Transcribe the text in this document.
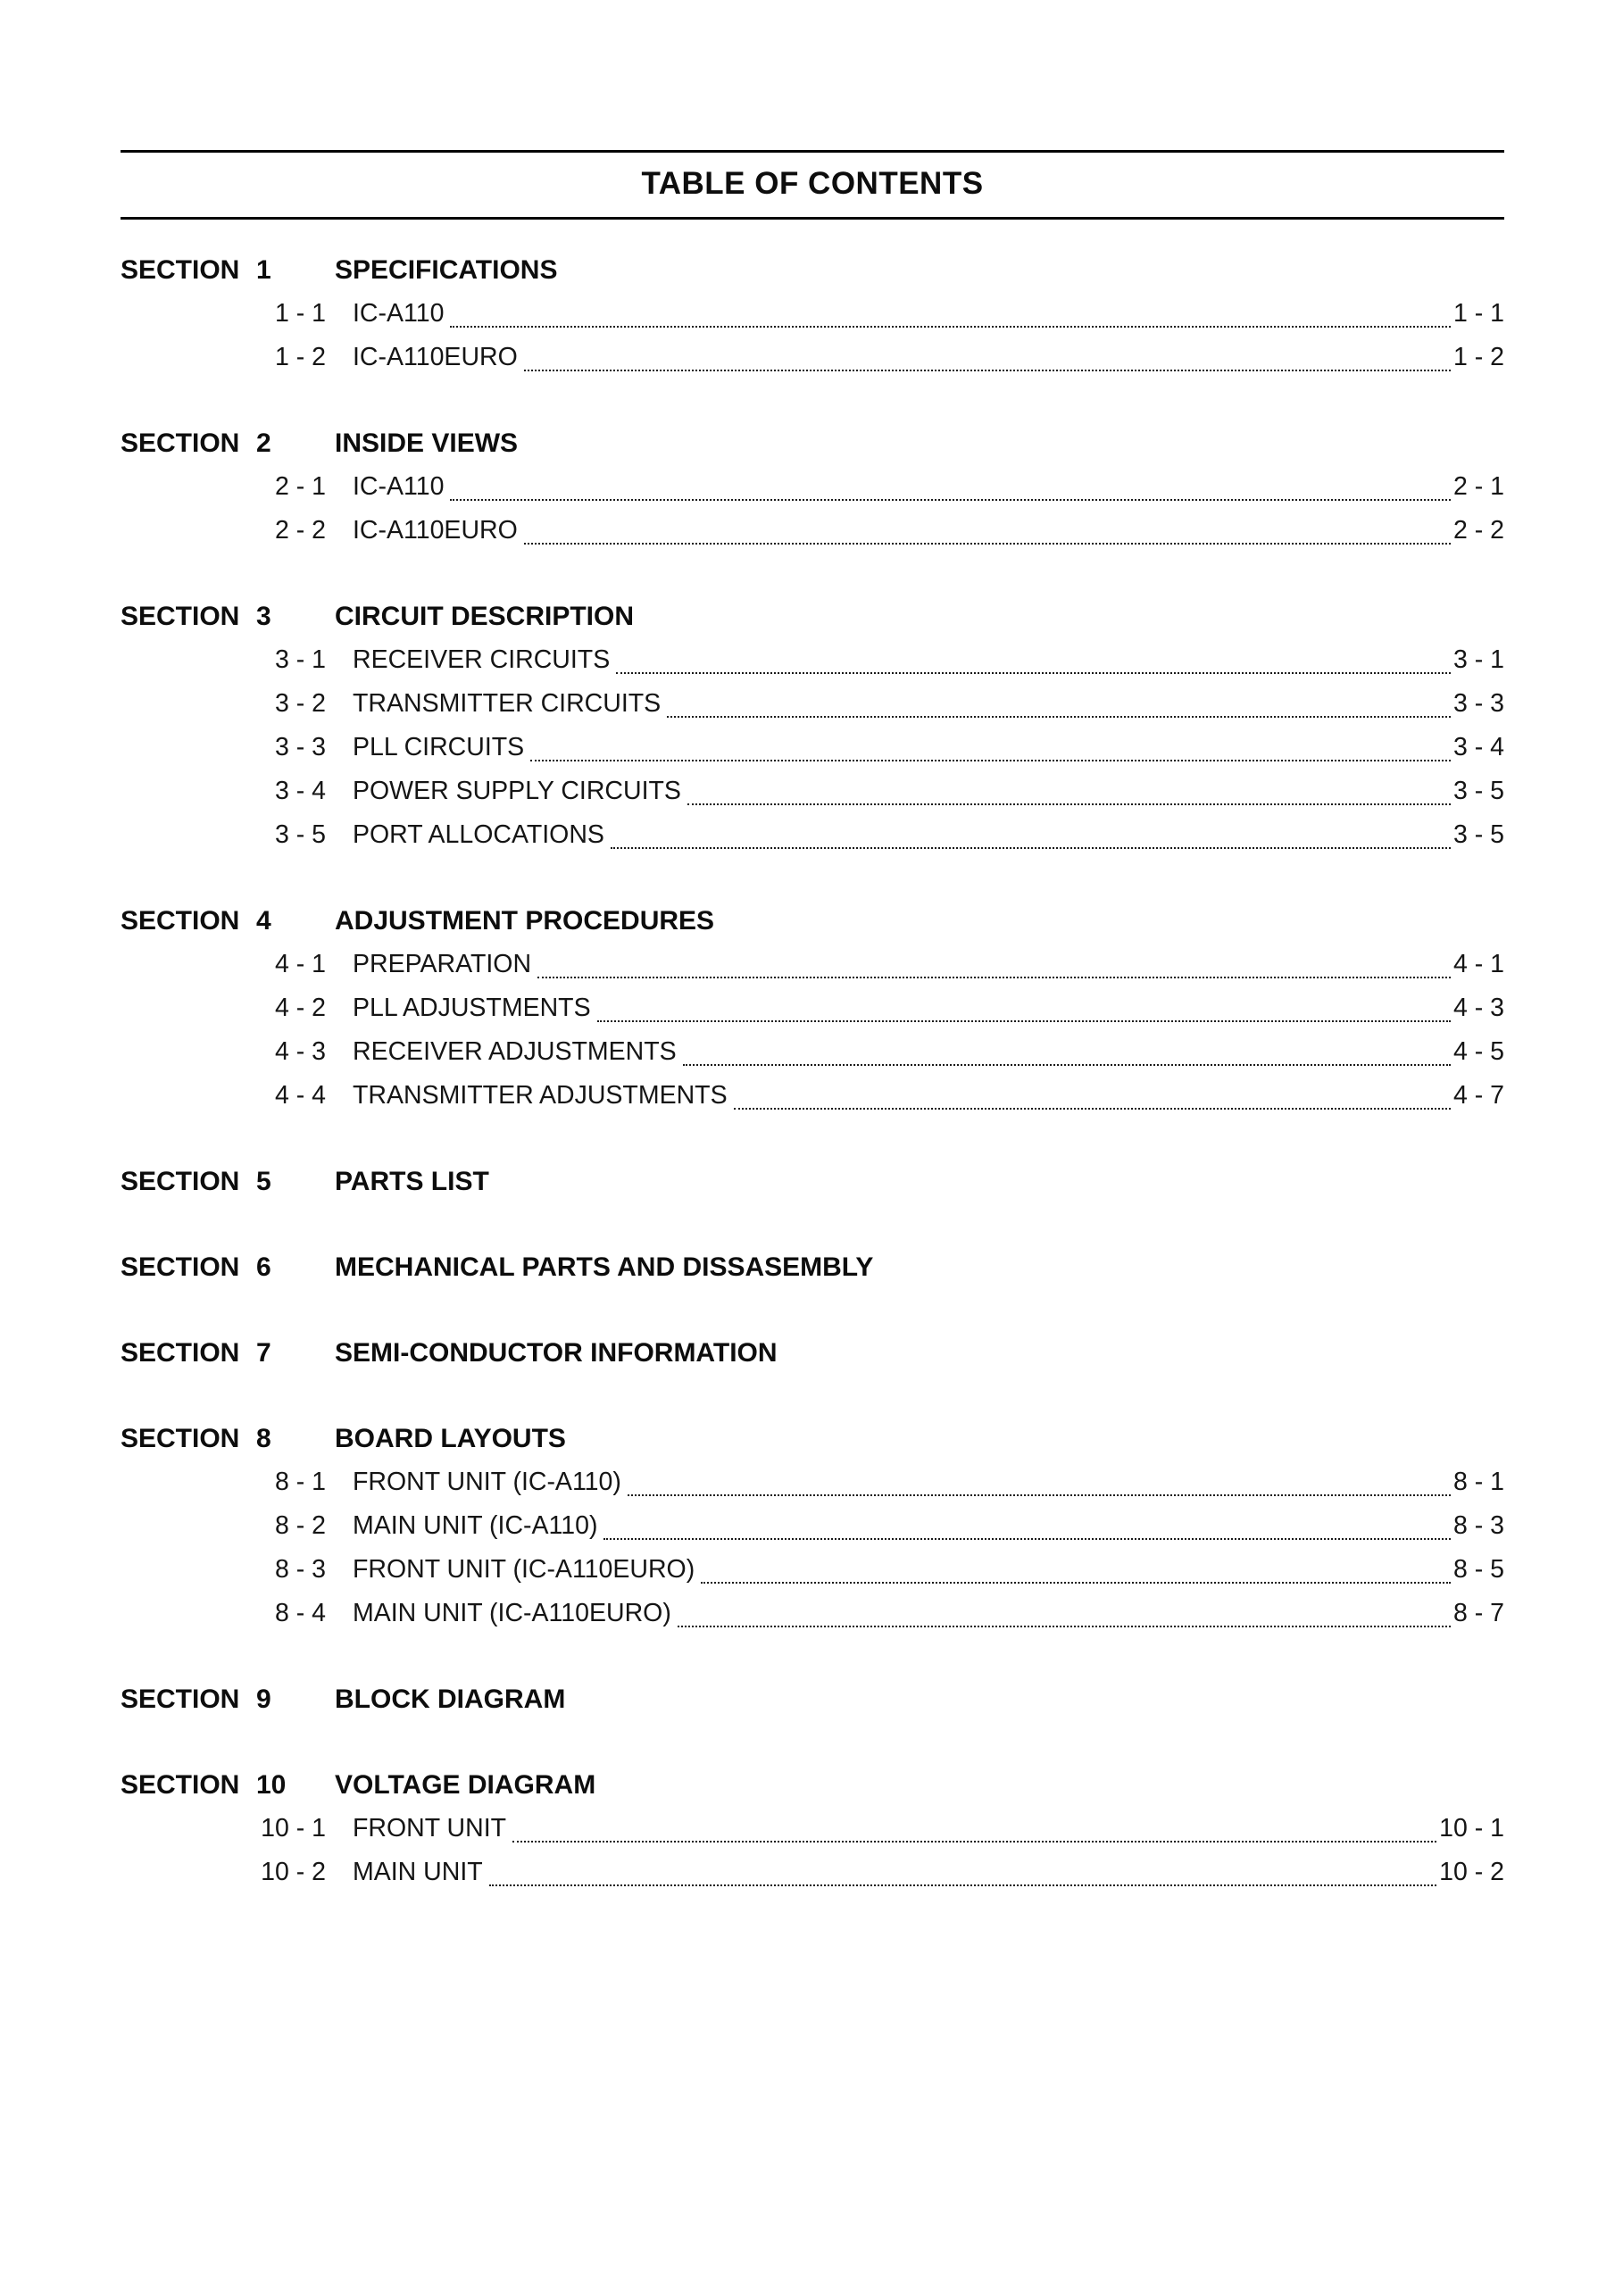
TABLE OF CONTENTS
SECTION 1	SPECIFICATIONS
1 - 1 IC-A110	1 - 1
1 - 2 IC-A110EURO	1 - 2
SECTION 2	INSIDE VIEWS
2 - 1 IC-A110	2 - 1
2 - 2 IC-A110EURO	2 - 2
SECTION 3	CIRCUIT DESCRIPTION
3 - 1 RECEIVER CIRCUITS	3 - 1
3 - 2 TRANSMITTER CIRCUITS	3 - 3
3 - 3 PLL CIRCUITS	3 - 4
3 - 4 POWER SUPPLY CIRCUITS	3 - 5
3 - 5 PORT ALLOCATIONS	3 - 5
SECTION 4	ADJUSTMENT PROCEDURES
4 - 1 PREPARATION	4 - 1
4 - 2 PLL ADJUSTMENTS	4 - 3
4 - 3 RECEIVER ADJUSTMENTS	4 - 5
4 - 4 TRANSMITTER ADJUSTMENTS	4 - 7
SECTION 5	PARTS LIST
SECTION 6	MECHANICAL PARTS AND DISSASEMBLY
SECTION 7	SEMI-CONDUCTOR INFORMATION
SECTION 8	BOARD LAYOUTS
8 - 1 FRONT UNIT (IC-A110)	8 - 1
8 - 2 MAIN UNIT (IC-A110)	8 - 3
8 - 3 FRONT UNIT (IC-A110EURO)	8 - 5
8 - 4 MAIN UNIT (IC-A110EURO)	8 - 7
SECTION 9	BLOCK DIAGRAM
SECTION 10	VOLTAGE DIAGRAM
10 - 1 FRONT UNIT	10 - 1
10 - 2 MAIN UNIT	10 - 2
